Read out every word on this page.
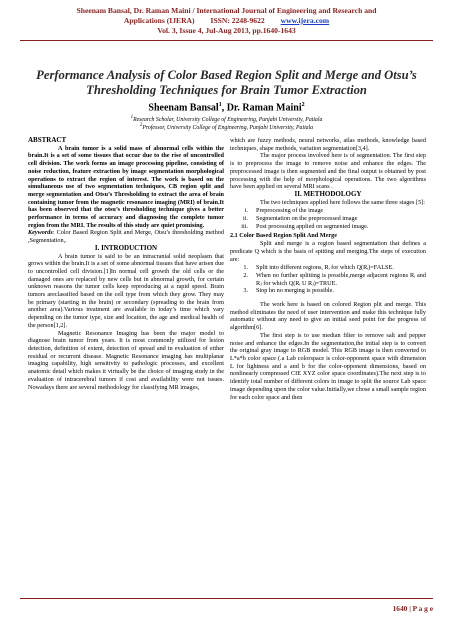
Sheenam Bansal, Dr. Raman Maini / International Journal of Engineering and Research and
Applications (IJERA) ISSN: 2248-9622 www.ijera.com
Vol. 3, Issue 4, Jul-Aug 2013, pp.1640-1643
Performance Analysis of Color Based Region Split and Merge and Otsu’s Thresholding Techniques for Brain Tumor Extraction
Sheenam Bansal$^1$, Dr. Raman Maini$^2$
$^1$Research Scholar, University College of Engineering, Punjabi University, Patiala
$^2$Professor, University College of Engineering, Punjabi University, Patiala

ABSTRACT

A brain tumor is a solid mass of abnormal cells within the brain.It is a set of some tissues that occur due to the rise of uncontrolled cell division. The work forms an image processing pipeline, consisting of noise reduction, feature extraction by image segmentation morphological operations to extract the region of interest. The work is based on the simultaneous use of two segmentation techniques, CB region split and merge segmentation and Otsu’s Thresholding to extract the area of brain containing tumor from the magnetic resonance imaging (MRI) of brain.It has been observed that the otsu’s thresholding technique gives a better performance in terms of accuracy and diagnosing the complete tumor region from the MRI. The results of this study are quiet promising.

Keywords: Color Based Region Split and Merge, Otsu’s thresholding method ,Segmentation,.

I. INTRODUCTION

A brain tumor is said to be an intracranial solid neoplasm that grows within the brain.It is a set of some abnormal tissues that have arisen due to uncontrolled cell division.[1]In normal cell growth the old cells or the damaged ones are replaced by new cells but in abnormal growth, for certain unknown reasons the tumor cells keep reproducing at a rapid speed. Brain tumors areclassified based on the cell type from which they grow. They may be primary (starting in the brain) or secondary (spreading to the brain from another area).Various treatment are available in today’s time which vary depending on the tumor type, size and location, the age and medical health of the person[1,2].

Magnetic Resonance Imaging has been the major model to diagnose brain tumor from years. It is most commonly utilized for lesion detection, definition of extent, detection of spread and in evaluation of either residual or recurrent disease. Magnetic Resonance imaging has multiplanar imaging capability, high sensitivity to pathologic processes, and excellent anatomic detail which makes it virtually be the choice of imaging study in the evaluation of intracerebral tumors if cost and availability were not issues. Nowadays there are several methodology for classifying MR images,

which are fuzzy methods, neural networks, atlas methods, knowledge based techniques, shape methods, variation segmentation[3,4].

The major process involved here is of segmentation. The first step is to preprocess the image to remove noise and enhance the edges. The preprocessed image is then segmented and the final output is obtained by post processing with the help of morphological operations. The two algorithms have been applied on several MRI scans .

II. METHODOLOGY

The two techniques applied here follows the same three stages [5]:

i.	Preprocessing of the image
ii.	Segmentation on the preprocessed image
iii.	Post processing applied on segmented image.

2.1 Color Based Region Split And Merge

Split and merge is a region based segmentation that defines a predicate Q which is the basis of spitting and merging.The steps of execution are:

1.	Split into different regions, Rᵢ for which Q(Rᵢ)=FALSE.
2.	When no further splitting is possible,merge adjacent regions Rᵢ and Rⱼ for which Q(Rᵢ U Rⱼ)=TRUE.
3.	Stop hn no merging is possible.

The work here is based on colored Region plit and merge. This method eliminates the need of user intervention and make this technique fully automatic without any need to give an initial seed point for the progress of algorithm[6].

The first step is to use median filter to remove salt and pepper noise and enhance the edges.In the segmentation,the initial step is to convert the original gray image to RGB model. This RGB image is then converted to L*a*b color space (.a Lab colorspace is color-opponent space with dimension L for lightness and a and b for the color-opponent dimensions, based on nonlinearly compressed CIE XYZ color space coordinates).The next step is to identify total number of different colors in image to split the source Lab space image depending upon the color value.Initially,we chose a small sample region for each color space and then

1640 | P a g e
